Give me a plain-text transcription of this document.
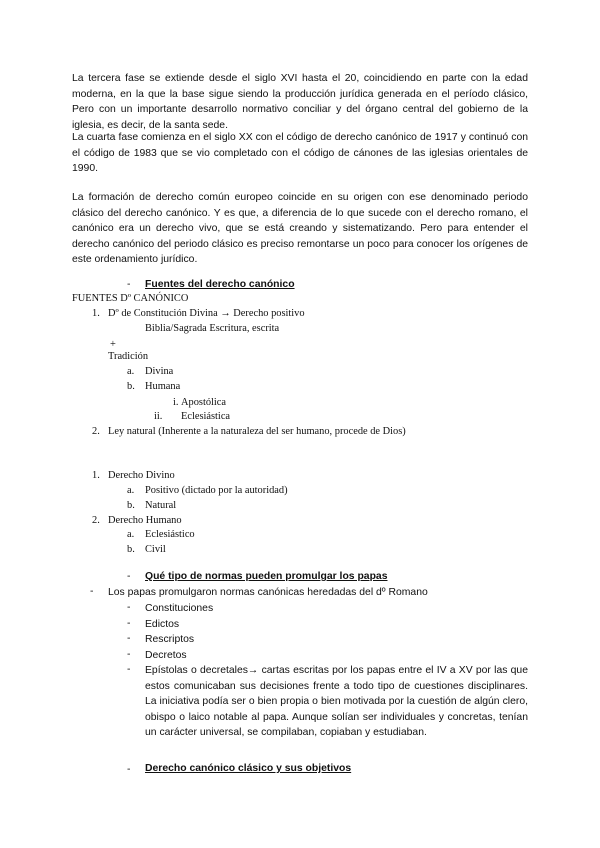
La tercera fase se extiende desde el siglo XVI hasta el 20, coincidiendo en parte con la edad moderna, en la que la base sigue siendo la producción jurídica generada en el período clásico, Pero con un importante desarrollo normativo conciliar y del órgano central del gobierno de la iglesia, es decir, de la santa sede.

La cuarta fase comienza en el siglo XX con el código de derecho canónico de 1917 y continuó con el código de 1983 que se vio completado con el código de cánones de las iglesias orientales de 1990.

La formación de derecho común europeo coincide en su origen con ese denominado periodo clásico del derecho canónico. Y es que, a diferencia de lo que sucede con el derecho romano, el canónico era un derecho vivo, que se está creando y sistematizando. Pero para entender el derecho canónico del periodo clásico es preciso remontarse un poco para conocer los orígenes de este ordenamiento jurídico.

- Fuentes del derecho canónico
FUENTES Dº CANÓNICO
1. Dº de Constitución Divina → Derecho positivo
Biblia/Sagrada Escritura, escrita
+
Tradición
a. Divina
b. Humana
i. Apostólica
ii. Eclesiástica
2. Ley natural (Inherente a la naturaleza del ser humano, procede de Dios)
1. Derecho Divino
a. Positivo (dictado por la autoridad)
b. Natural
2. Derecho Humano
a. Eclesiástico
b. Civil
- Qué tipo de normas pueden promulgar los papas
- Los papas promulgaron normas canónicas heredadas del dº Romano
- Constituciones
- Edictos
- Rescriptos
- Decretos
- Epístolas o decretales→ cartas escritas por los papas entre el IV a XV por las que estos comunicaban sus decisiones frente a todo tipo de cuestiones disciplinares. La iniciativa podía ser o bien propia o bien motivada por la cuestión de algún clero, obispo o laico notable al papa. Aunque solían ser individuales y concretas, tenían un carácter universal, se compilaban, copiaban y estudiaban.

- Derecho canónico clásico y sus objetivos
